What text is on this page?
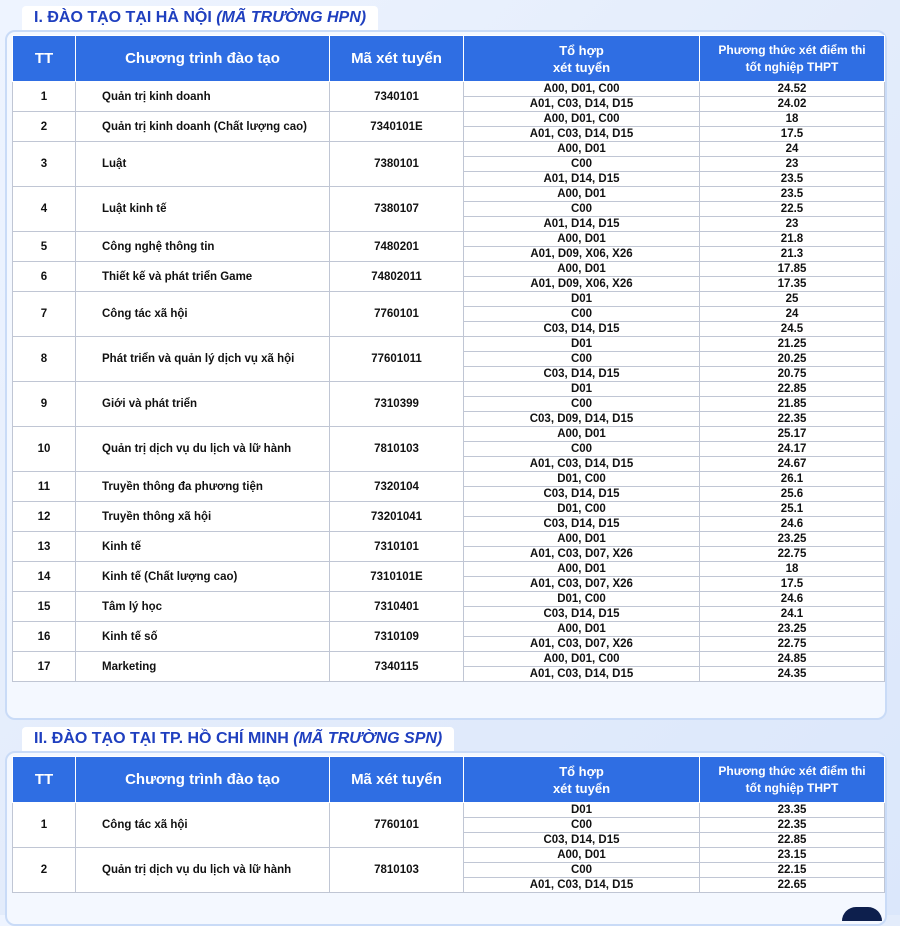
I. ĐÀO TẠO TẠI HÀ NỘI (MÃ TRƯỜNG HPN)
TT	Chương trình đào tạo	Mã xét tuyển	Tổ hợp
xét tuyển	Phương thức xét điểm thi
tốt nghiệp THPT
1	Quản trị kinh doanh	7340101	A00, D01, C00	24.52
			A01, C03, D14, D15	24.02
2	Quản trị kinh doanh (Chất lượng cao)	7340101E	A00, D01, C00	18
			A01, C03, D14, D15	17.5
3	Luật	7380101	A00, D01	24
			C00	23
			A01, D14, D15	23.5
4	Luật kinh tế	7380107	A00, D01	23.5
			C00	22.5
			A01, D14, D15	23
5	Công nghệ thông tin	7480201	A00, D01	21.8
			A01, D09, X06, X26	21.3
6	Thiết kế và phát triển Game	74802011	A00, D01	17.85
			A01, D09, X06, X26	17.35
7	Công tác xã hội	7760101	D01	25
			C00	24
			C03, D14, D15	24.5
8	Phát triển và quản lý dịch vụ xã hội	77601011	D01	21.25
			C00	20.25
			C03, D14, D15	20.75
9	Giới và phát triển	7310399	D01	22.85
			C00	21.85
			C03, D09, D14, D15	22.35
10	Quản trị dịch vụ du lịch và lữ hành	7810103	A00, D01	25.17
			C00	24.17
			A01, C03, D14, D15	24.67
11	Truyền thông đa phương tiện	7320104	D01, C00	26.1
			C03, D14, D15	25.6
12	Truyền thông xã hội	73201041	D01, C00	25.1
			C03, D14, D15	24.6
13	Kinh tế	7310101	A00, D01	23.25
			A01, C03, D07, X26	22.75
14	Kinh tế (Chất lượng cao)	7310101E	A00, D01	18
			A01, C03, D07, X26	17.5
15	Tâm lý học	7310401	D01, C00	24.6
			C03, D14, D15	24.1
16	Kinh tế số	7310109	A00, D01	23.25
			A01, C03, D07, X26	22.75
17	Marketing	7340115	A00, D01, C00	24.85
			A01, C03, D14, D15	24.35
II. ĐÀO TẠO TẠI TP. HỒ CHÍ MINH (MÃ TRƯỜNG SPN)
TT	Chương trình đào tạo	Mã xét tuyển	Tổ hợp
xét tuyển	Phương thức xét điểm thi
tốt nghiệp THPT
1	Công tác xã hội	7760101	D01	23.35
			C00	22.35
			C03, D14, D15	22.85
2	Quản trị dịch vụ du lịch và lữ hành	7810103	A00, D01	23.15
			C00	22.15
			A01, C03, D14, D15	22.65
